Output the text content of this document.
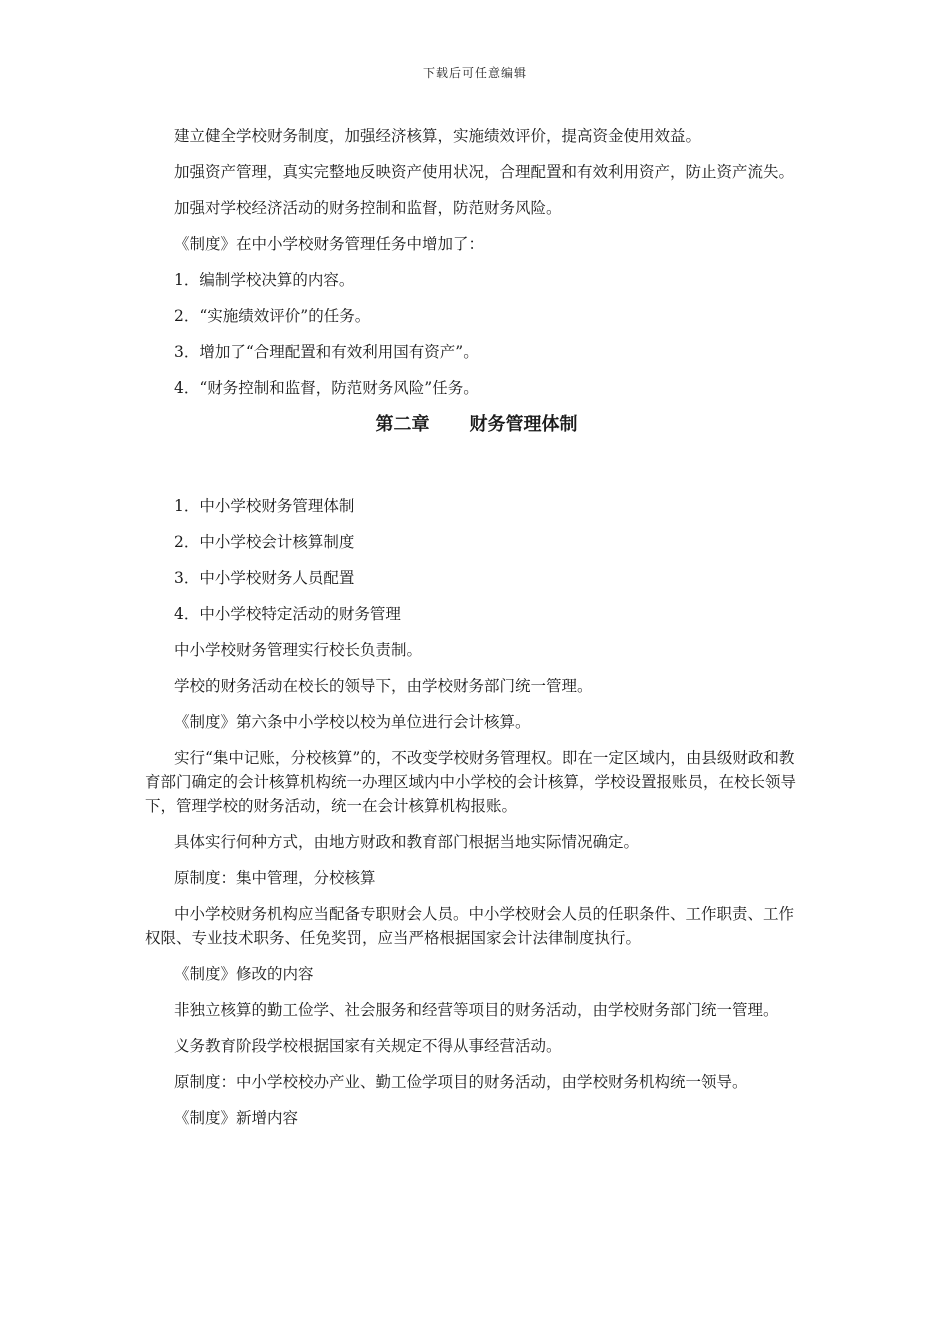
下载后可任意编辑

建立健全学校财务制度，加强经济核算，实施绩效评价，提高资金使用效益。

加强资产管理，真实完整地反映资产使用状况，合理配置和有效利用资产，防止资产流失。

加强对学校经济活动的财务控制和监督，防范财务风险。

《制度》在中小学校财务管理任务中增加了：

1．编制学校决算的内容。

2．“实施绩效评价”的任务。

3．增加了“合理配置和有效利用国有资产”。

4．“财务控制和监督，防范财务风险”任务。

第二章 财务管理体制

1．中小学校财务管理体制

2．中小学校会计核算制度

3．中小学校财务人员配置

4．中小学校特定活动的财务管理

中小学校财务管理实行校长负责制。

学校的财务活动在校长的领导下，由学校财务部门统一管理。

《制度》第六条中小学校以校为单位进行会计核算。

实行“集中记账，分校核算”的，不改变学校财务管理权。即在一定区域内，由县级财政和教育部门确定的会计核算机构统一办理区域内中小学校的会计核算，学校设置报账员，在校长领导下，管理学校的财务活动，统一在会计核算机构报账。

具体实行何种方式，由地方财政和教育部门根据当地实际情况确定。

原制度：集中管理，分校核算

中小学校财务机构应当配备专职财会人员。中小学校财会人员的任职条件、工作职责、工作权限、专业技术职务、任免奖罚，应当严格根据国家会计法律制度执行。

《制度》修改的内容

非独立核算的勤工俭学、社会服务和经营等项目的财务活动，由学校财务部门统一管理。

义务教育阶段学校根据国家有关规定不得从事经营活动。

原制度：中小学校校办产业、勤工俭学项目的财务活动，由学校财务机构统一领导。

《制度》新增内容
